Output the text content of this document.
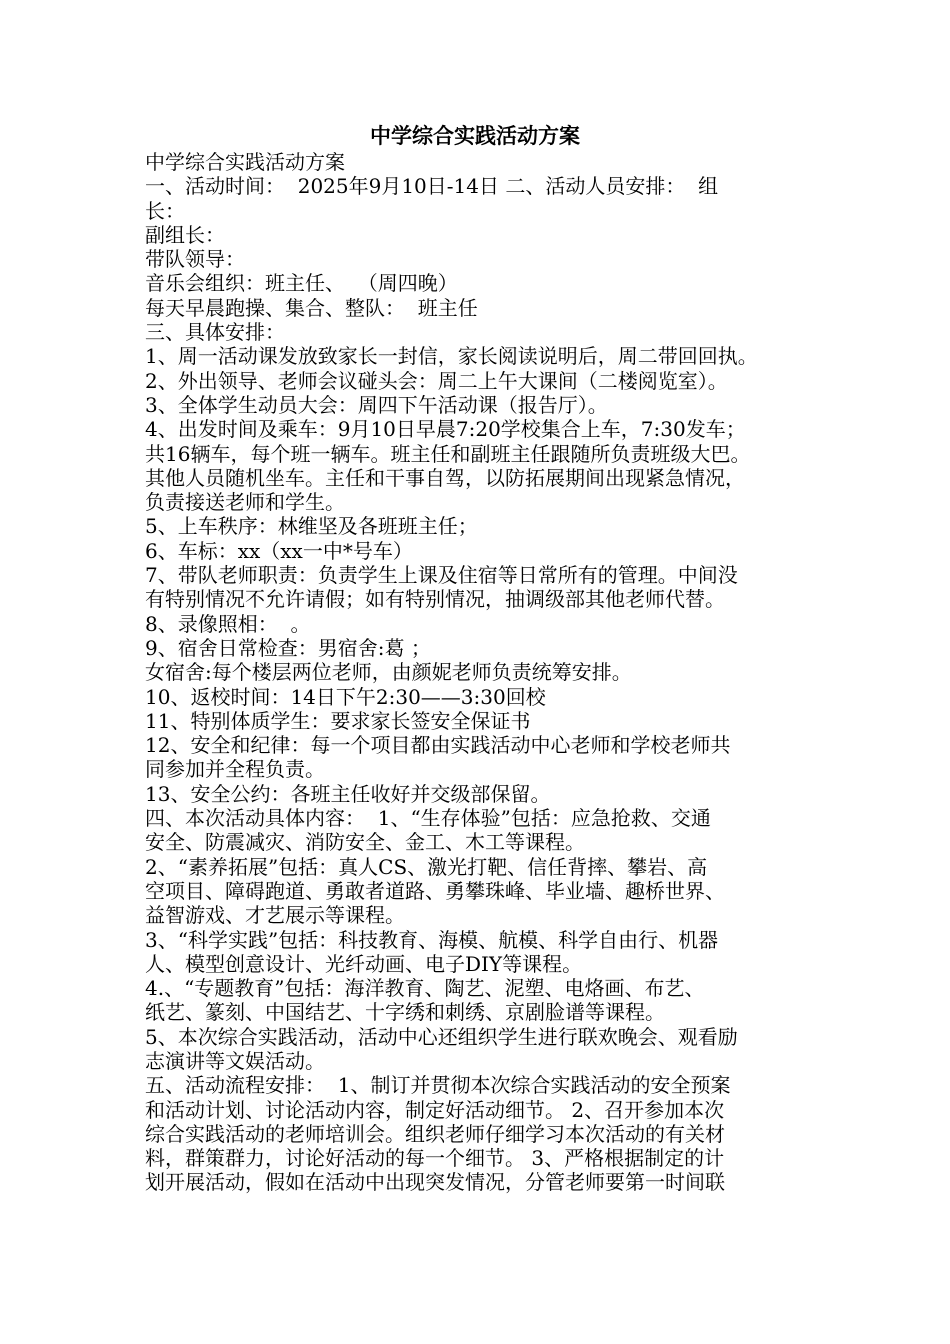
中学综合实践活动方案
中学综合实践活动方案
一、活动时间：  2025年9月10日-14日 二、活动人员安排：  组
长：
副组长：
带队领导：
音乐会组织：班主任、  （周四晚）
每天早晨跑操、集合、整队：  班主任
三、具体安排：
1、周一活动课发放致家长一封信，家长阅读说明后，周二带回回执。
2、外出领导、老师会议碰头会：周二上午大课间（二楼阅览室）。
3、全体学生动员大会：周四下午活动课（报告厅）。
4、出发时间及乘车：9月10日早晨7:20学校集合上车，7:30发车；
共16辆车，每个班一辆车。班主任和副班主任跟随所负责班级大巴。
其他人员随机坐车。主任和干事自驾，以防拓展期间出现紧急情况，
负责接送老师和学生。
5、上车秩序：林维坚及各班班主任；
6、车标：xx（xx一中*号车）
7、带队老师职责：负责学生上课及住宿等日常所有的管理。中间没
有特别情况不允许请假；如有特别情况，抽调级部其他老师代替。
8、录像照相：  。
9、宿舍日常检查：男宿舍:葛 ；
女宿舍:每个楼层两位老师，由颜妮老师负责统筹安排。
10、返校时间：14日下午2:30——3:30回校
11、特别体质学生：要求家长签安全保证书
12、安全和纪律：每一个项目都由实践活动中心老师和学校老师共
同参加并全程负责。
13、安全公约：各班主任收好并交级部保留。
四、本次活动具体内容：  1、“生存体验”包括：应急抢救、交通
安全、防震减灾、消防安全、金工、木工等课程。
2、“素养拓展”包括：真人CS、激光打靶、信任背摔、攀岩、高
空项目、障碍跑道、勇敢者道路、勇攀珠峰、毕业墙、趣桥世界、
益智游戏、才艺展示等课程。
3、“科学实践”包括：科技教育、海模、航模、科学自由行、机器
人、模型创意设计、光纤动画、电子DIY等课程。
4.、“专题教育”包括：海洋教育、陶艺、泥塑、电烙画、布艺、
纸艺、篆刻、中国结艺、十字绣和刺绣、京剧脸谱等课程。
5、本次综合实践活动，活动中心还组织学生进行联欢晚会、观看励
志演讲等文娱活动。
五、活动流程安排：  1、制订并贯彻本次综合实践活动的安全预案
和活动计划、讨论活动内容，制定好活动细节。 2、召开参加本次
综合实践活动的老师培训会。组织老师仔细学习本次活动的有关材
料，群策群力，讨论好活动的每一个细节。 3、严格根据制定的计
划开展活动，假如在活动中出现突发情况，分管老师要第一时间联
